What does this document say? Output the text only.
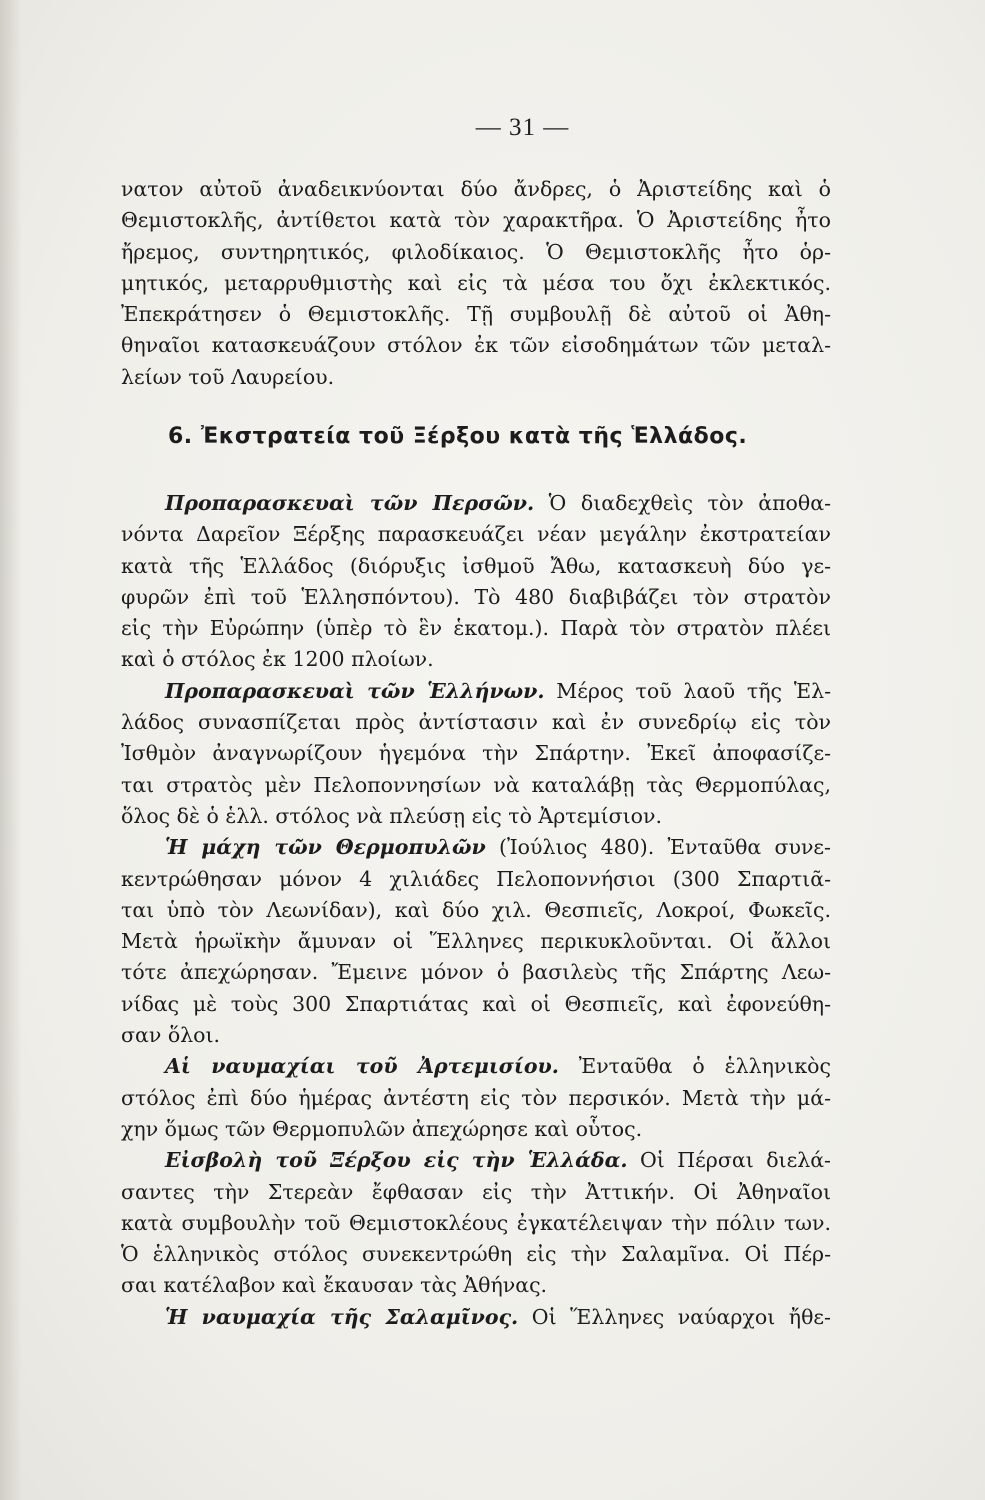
— 31 —
νατον αὐτοῦ ἀναδεικνύονται δύο ἄνδρες, ὁ Ἀριστείδης καὶ ὁ
Θεμιστοκλῆς, ἀντίθετοι κατὰ τὸν χαρακτῆρα. Ὁ Ἀριστείδης ἦτο
ἤρεμος, συντηρητικός, φιλοδίκαιος. Ὁ Θεμιστοκλῆς ἦτο ὁρ-
μητικός, μεταρρυθμιστὴς καὶ εἰς τὰ μέσα του ὄχι ἐκλεκτικός.
Ἐπεκράτησεν ὁ Θεμιστοκλῆς. Τῇ συμβουλῇ δὲ αὐτοῦ οἱ Ἀθη-
θηναῖοι κατασκευάζουν στόλον ἐκ τῶν εἰσοδημάτων τῶν μεταλ-
λείων τοῦ Λαυρείου.
6. Ἐκστρατεία τοῦ Ξέρξου κατὰ τῆς Ἑλλάδος.
Προπαρασκευαὶ τῶν Περσῶν. Ὁ διαδεχθεὶς τὸν ἀποθα-
νόντα Δαρεῖον Ξέρξης παρασκευάζει νέαν μεγάλην ἐκστρατείαν
κατὰ τῆς Ἑλλάδος (διόρυξις ἰσθμοῦ Ἄθω, κατασκευὴ δύο γε-
φυρῶν ἐπὶ τοῦ Ἑλλησπόντου). Τὸ 480 διαβιβάζει τὸν στρατὸν
εἰς τὴν Εὐρώπην (ὑπὲρ τὸ ἓν ἑκατομ.). Παρὰ τὸν στρατὸν πλέει
καὶ ὁ στόλος ἐκ 1200 πλοίων.
Προπαρασκευαὶ τῶν Ἑλλήνων. Μέρος τοῦ λαοῦ τῆς Ἑλ-
λάδος συνασπίζεται πρὸς ἀντίστασιν καὶ ἐν συνεδρίῳ εἰς τὸν
Ἰσθμὸν ἀναγνωρίζουν ἡγεμόνα τὴν Σπάρτην. Ἐκεῖ ἀποφασίζε-
ται στρατὸς μὲν Πελοποννησίων νὰ καταλάβῃ τὰς Θερμοπύλας,
ὅλος δὲ ὁ ἑλλ. στόλος νὰ πλεύσῃ εἰς τὸ Ἀρτεμίσιον.
Ἡ μάχη τῶν Θερμοπυλῶν (Ἰούλιος 480). Ἐνταῦθα συνε-
κεντρώθησαν μόνον 4 χιλιάδες Πελοποννήσιοι (300 Σπαρτιᾶ-
ται ὑπὸ τὸν Λεωνίδαν), καὶ δύο χιλ. Θεσπιεῖς, Λοκροί, Φωκεῖς.
Μετὰ ἡρωϊκὴν ἄμυναν οἱ Ἕλληνες περικυκλοῦνται. Οἱ ἄλλοι
τότε ἀπεχώρησαν. Ἔμεινε μόνον ὁ βασιλεὺς τῆς Σπάρτης Λεω-
νίδας μὲ τοὺς 300 Σπαρτιάτας καὶ οἱ Θεσπιεῖς, καὶ ἐφονεύθη-
σαν ὅλοι.
Αἱ ναυμαχίαι τοῦ Ἀρτεμισίου. Ἐνταῦθα ὁ ἑλληνικὸς
στόλος ἐπὶ δύο ἡμέρας ἀντέστη εἰς τὸν περσικόν. Μετὰ τὴν μά-
χην ὅμως τῶν Θερμοπυλῶν ἀπεχώρησε καὶ οὗτος.
Εἰσβολὴ τοῦ Ξέρξου εἰς τὴν Ἑλλάδα. Οἱ Πέρσαι διελά-
σαντες τὴν Στερεὰν ἔφθασαν εἰς τὴν Ἀττικήν. Οἱ Ἀθηναῖοι
κατὰ συμβουλὴν τοῦ Θεμιστοκλέους ἐγκατέλειψαν τὴν πόλιν των.
Ὁ ἑλληνικὸς στόλος συνεκεντρώθη εἰς τὴν Σαλαμῖνα. Οἱ Πέρ-
σαι κατέλαβον καὶ ἔκαυσαν τὰς Ἀθήνας.
Ἡ ναυμαχία τῆς Σαλαμῖνος. Οἱ Ἕλληνες ναύαρχοι ἤθε-
